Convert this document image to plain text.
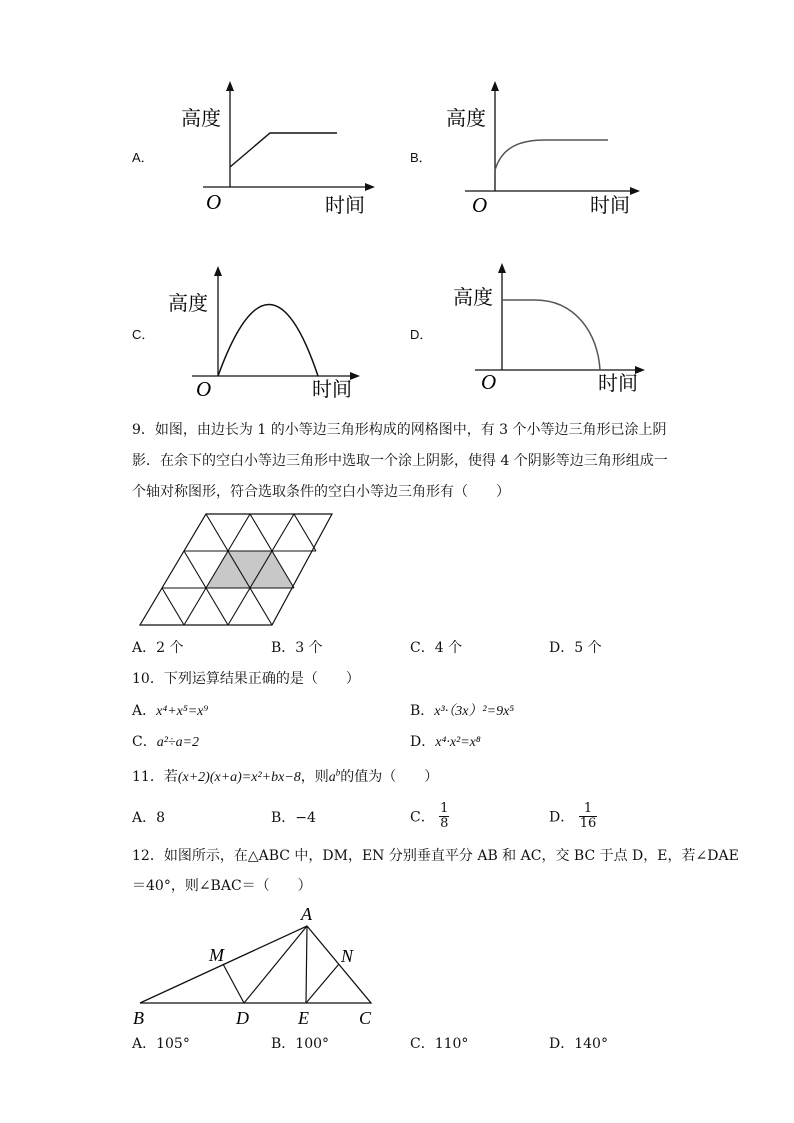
A．	B．
C．	D．
高度
时间
O
高度
时间
O
高度
时间
O
高度
时间
O
9．如图，由边长为 1 的小等边三角形构成的网格图中，有 3 个小等边三角形已涂上阴
影．在余下的空白小等边三角形中选取一个涂上阴影，使得 4 个阴影等边三角形组成一
个轴对称图形，符合选取条件的空白小等边三角形有（　　）
A．2 个	B．3 个	C．4 个	D．5 个
10．下列运算结果正确的是（　　）
A．x⁴+x⁵=x⁹	B．x³·（3x）²=9x⁵
C．a²÷a=2	D．x⁴·x²=x⁸
11．若(x+2)(x+a)=x²+bx−8，则$a^b$的值为（　　）
A．8	B．−4	C． $\frac{1}{8}$	D． $\frac{1}{16}$
12．如图所示，在△ABC 中，DM，EN 分别垂直平分 AB 和 AC，交 BC 于点 D，E，若∠DAE
＝40°，则∠BAC＝（　　）
A
B	C
D	E
M	N
A．105°	B．100°	C．110°	D．140°
